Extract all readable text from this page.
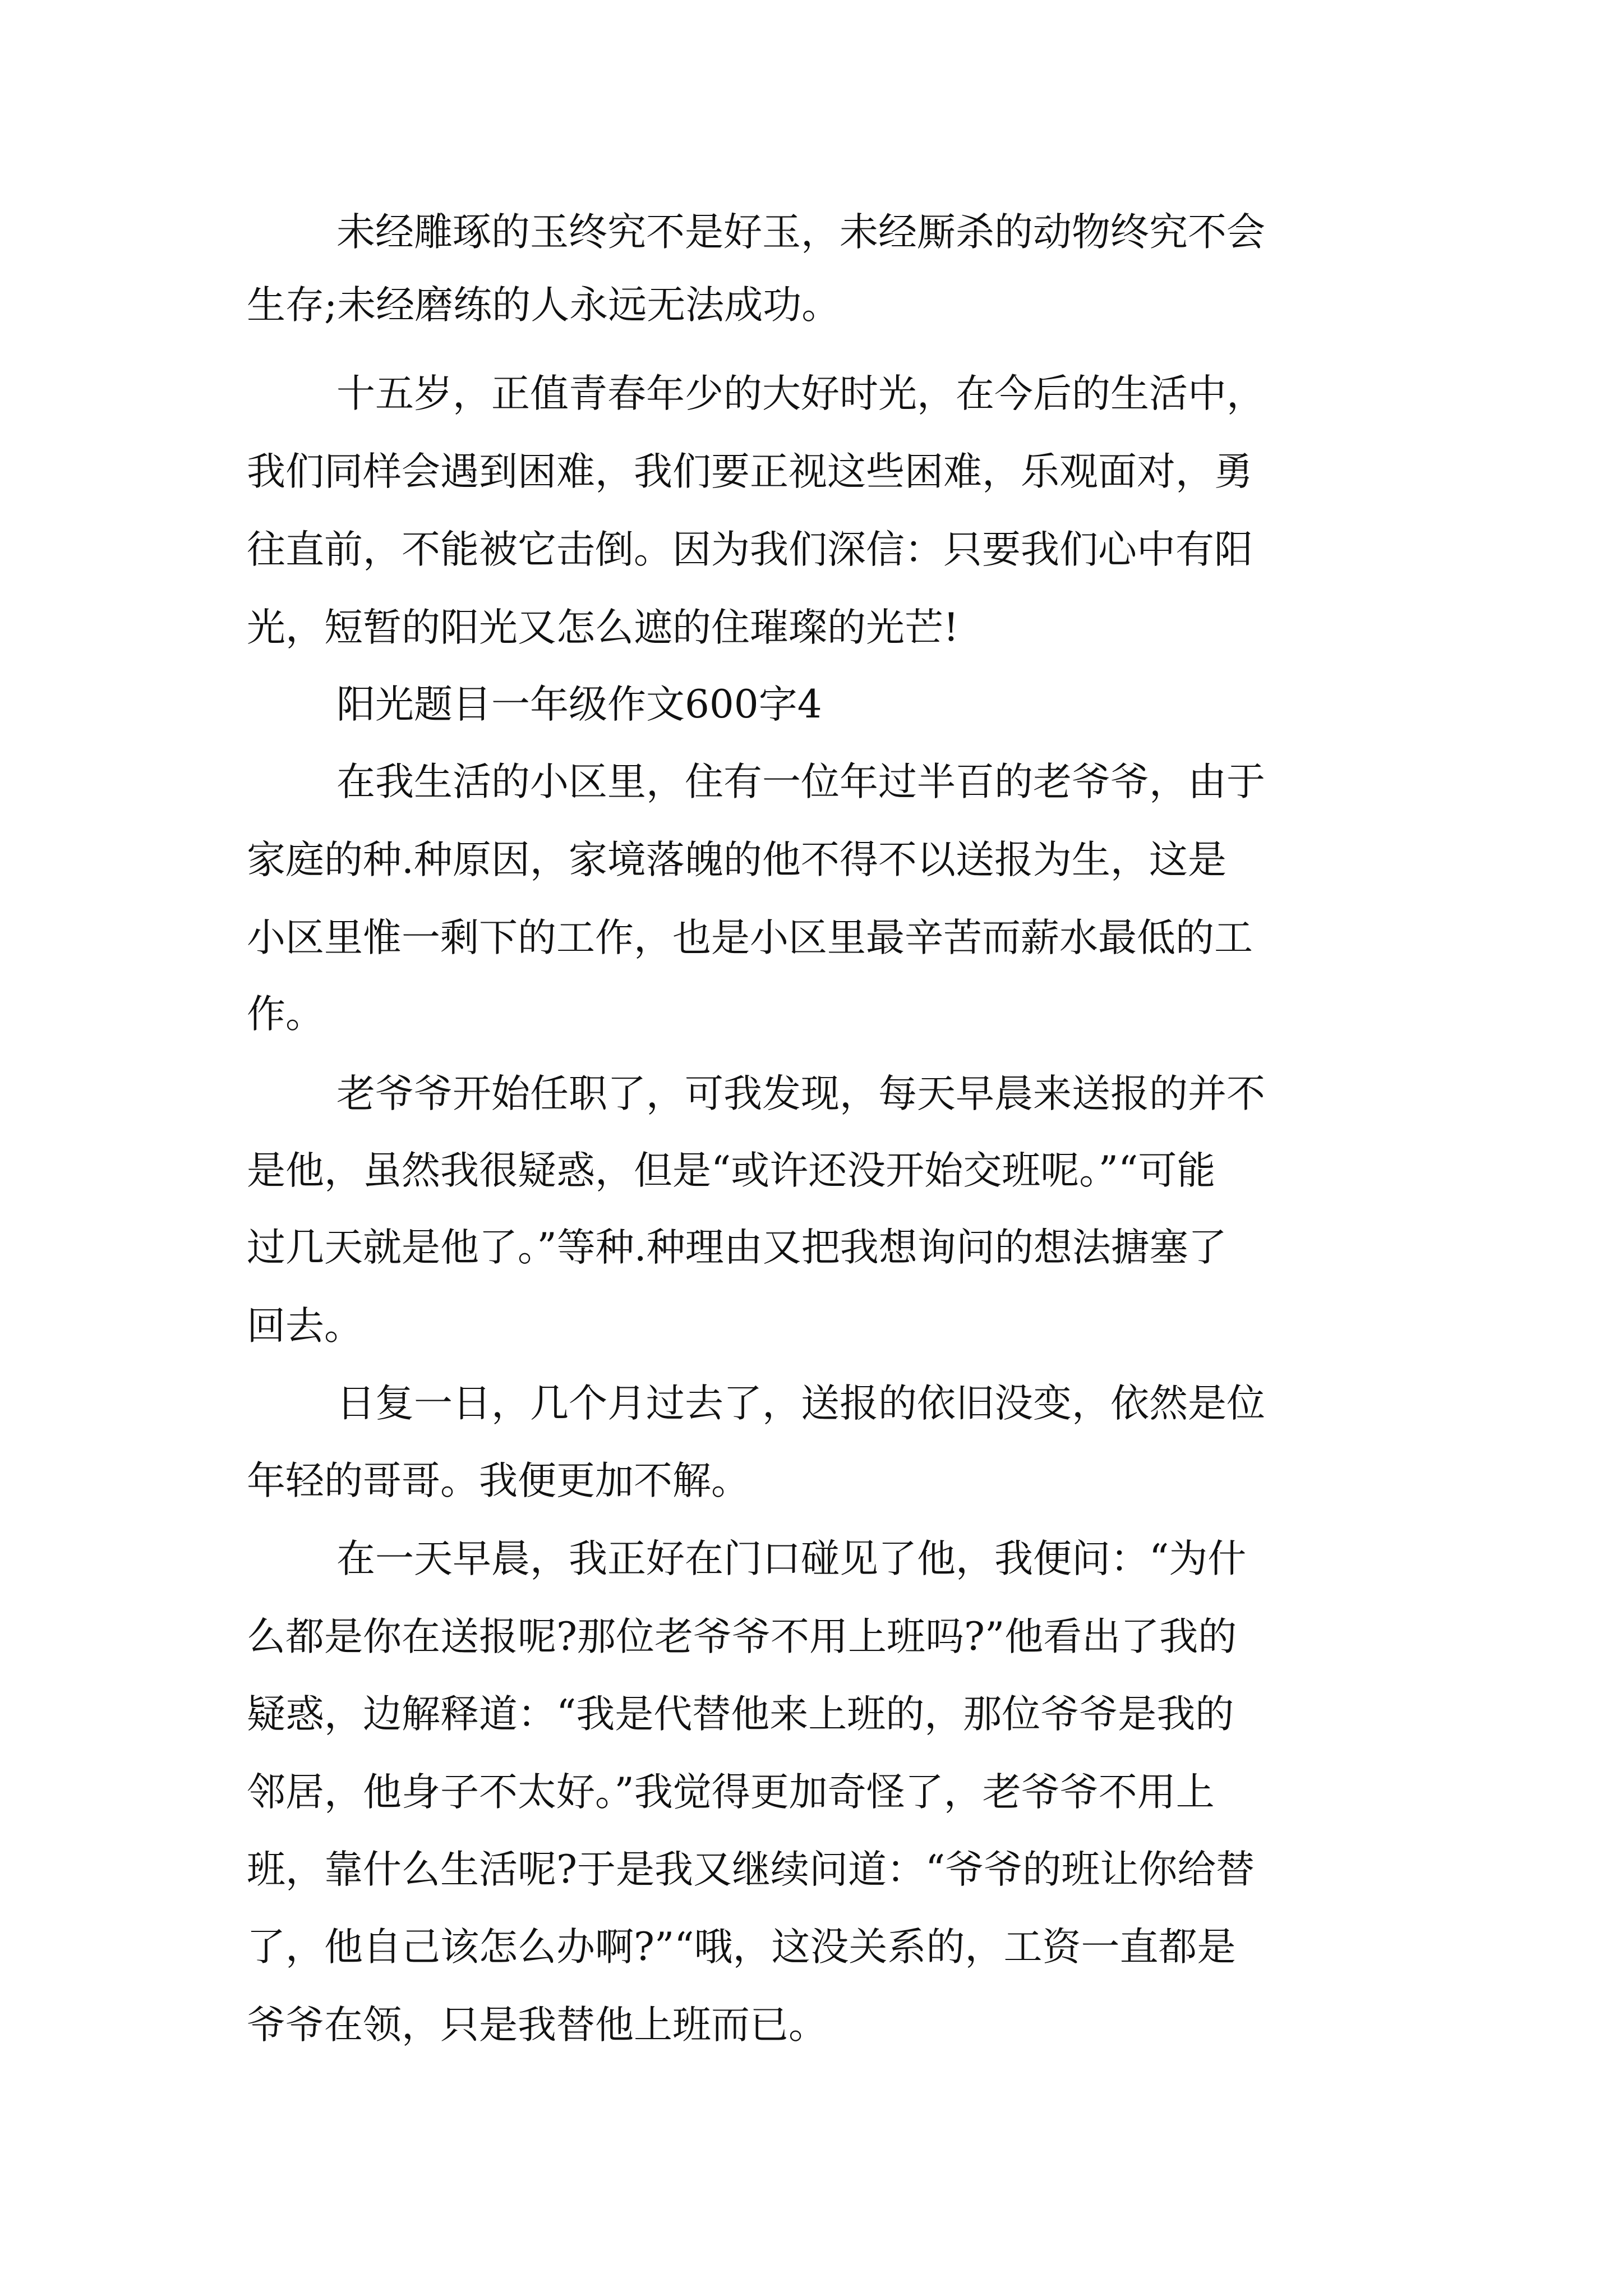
未经雕琢的玉终究不是好玉，未经厮杀的动物终究不会
生存;未经磨练的人永远无法成功。
十五岁，正值青春年少的大好时光，在今后的生活中，
我们同样会遇到困难，我们要正视这些困难，乐观面对，勇
往直前，不能被它击倒。因为我们深信：只要我们心中有阳
光，短暂的阳光又怎么遮的住璀璨的光芒!
阳光题目一年级作文600字4
在我生活的小区里，住有一位年过半百的老爷爷，由于
家庭的种.种原因，家境落魄的他不得不以送报为生，这是
小区里惟一剩下的工作，也是小区里最辛苦而薪水最低的工
作。
老爷爷开始任职了，可我发现，每天早晨来送报的并不
是他，虽然我很疑惑，但是“或许还没开始交班呢。”“可能
过几天就是他了。”等种.种理由又把我想询问的想法搪塞了
回去。
日复一日，几个月过去了，送报的依旧没变，依然是位
年轻的哥哥。我便更加不解。
在一天早晨，我正好在门口碰见了他，我便问：“为什
么都是你在送报呢?那位老爷爷不用上班吗?”他看出了我的
疑惑，边解释道：“我是代替他来上班的，那位爷爷是我的
邻居，他身子不太好。”我觉得更加奇怪了，老爷爷不用上
班，靠什么生活呢?于是我又继续问道：“爷爷的班让你给替
了，他自己该怎么办啊?”“哦，这没关系的，工资一直都是
爷爷在领，只是我替他上班而已。
